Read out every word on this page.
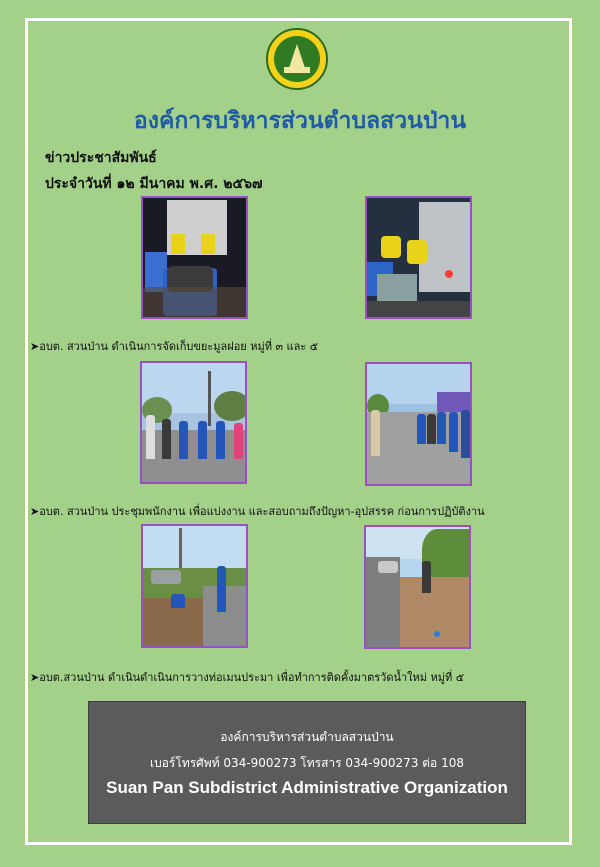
องค์การบริหารส่วนตำบลสวนป่าน
ข่าวประชาสัมพันธ์
ประจำวันที่ ๑๒ มีนาคม พ.ศ. ๒๕๖๗
➤อบต. สวนป่าน ดำเนินการจัดเก็บขยะมูลฝอย หมู่ที่ ๓ และ ๕
➤อบต. สวนป่าน ประชุมพนักงาน เพื่อแบ่งงาน และสอบถามถึงปัญหา-อุปสรรค ก่อนการปฏิบัติงาน
➤อบต.สวนป่าน ดำเนินดำเนินการวางท่อเมนประมา เพื่อทำการติดคั้งมาตรวัดน้ำใหม่ หมู่ที่ ๕
องค์การบริหารส่วนตำบลสวนป่าน
เบอร์โทรศัพท์ 034-900273 โทรสาร 034-900273 ต่อ 108
Suan Pan Subdistrict Administrative Organization
